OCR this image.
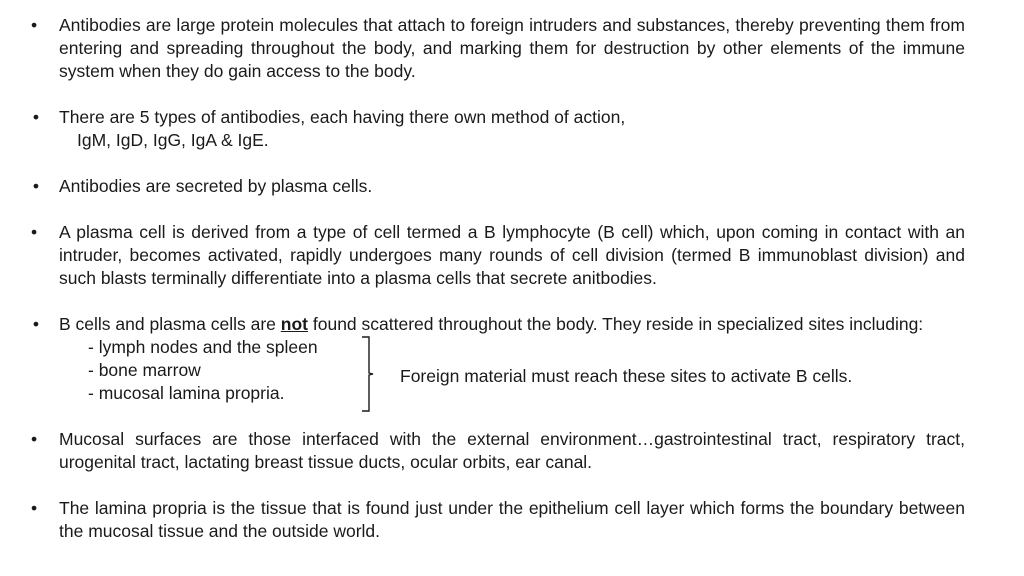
• Antibodies are large protein molecules that attach to foreign intruders and substances, thereby preventing them from entering and spreading throughout the body, and marking them for destruction by other elements of the immune system when they do gain access to the body.
• There are 5 types of antibodies, each having there own method of action,
IgM, IgD, IgG, IgA & IgE.
• Antibodies are secreted by plasma cells.
• A plasma cell is derived from a type of cell termed a B lymphocyte (B cell) which, upon coming in contact with an intruder, becomes activated, rapidly undergoes many rounds of cell division (termed B immunoblast division) and such blasts terminally differentiate into a plasma cells that secrete anitbodies.
• B cells and plasma cells are not found scattered throughout the body. They reside in specialized sites including:
- lymph nodes and the spleen
- bone marrow
- mucosal lamina propria.
Foreign material must reach these sites to activate B cells.
• Mucosal surfaces are those interfaced with the external environment…gastrointestinal tract, respiratory tract, urogenital tract, lactating breast tissue ducts, ocular orbits, ear canal.
• The lamina propria is the tissue that is found just under the epithelium cell layer which forms the boundary between the mucosal tissue and the outside world.
